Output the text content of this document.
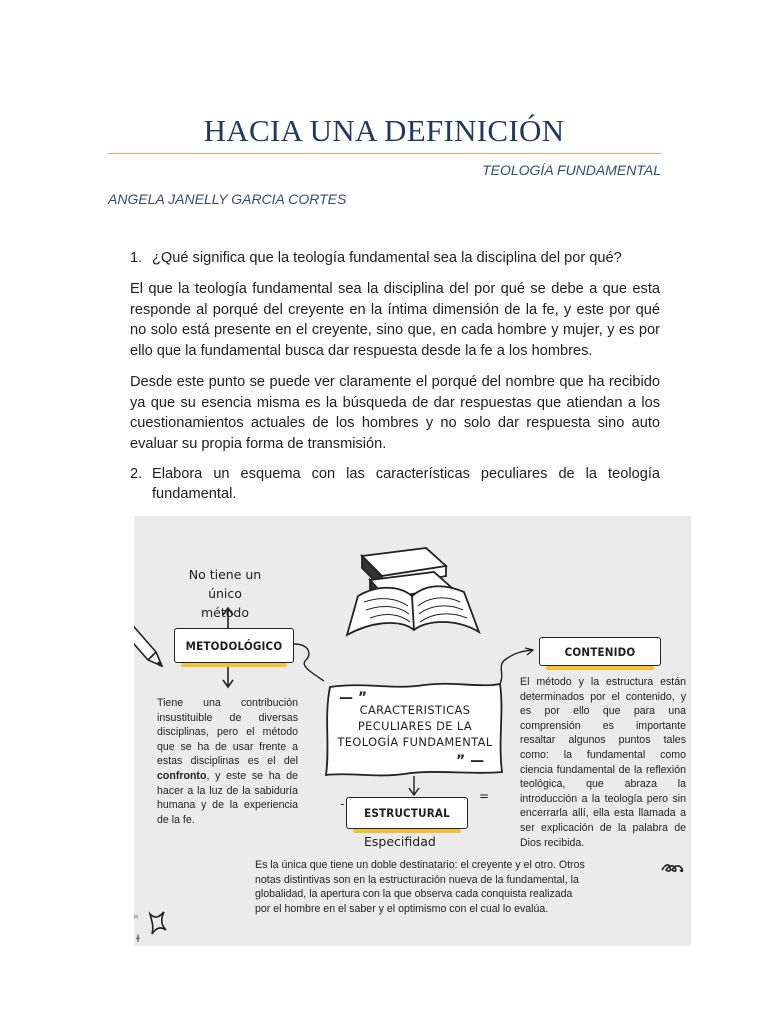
HACIA UNA DEFINICIÓN
TEOLOGÍA FUNDAMENTAL
ANGELA JANELLY GARCIA CORTES
1. ¿Qué significa que la teología fundamental sea la disciplina del por qué?

El que la teología fundamental sea la disciplina del por qué se debe a que esta responde al porqué del creyente en la íntima dimensión de la fe, y este por qué no solo está presente en el creyente, sino que, en cada hombre y mujer, y es por ello que la fundamental busca dar respuesta desde la fe a los hombres.

Desde este punto se puede ver claramente el porqué del nombre que ha recibido ya que su esencia misma es la búsqueda de dar respuestas que atiendan a los cuestionamientos actuales de los hombres y no solo dar respuesta sino auto evaluar su propia forma de transmisión.

2. Elabora un esquema con las características peculiares de la teología fundamental.
— ”
” —
-
=
ⁿ
ɫ
No tiene un único
método
METODOLÓGICO
Tiene una contribución insustituible de diversas disciplinas, pero el método que se ha de usar frente a estas disciplinas es el del confronto, y este se ha de hacer a la luz de la sabiduría humana y de la experiencia de la fe.
CARACTERISTICAS
PECULIARES DE LA
TEOLOGÍA FUNDAMENTAL
CONTENIDO
El método y la estructura están determinados por el contenido, y es por ello que para una comprensión es importante resaltar algunos puntos tales como: la fundamental como ciencia fundamental de la reflexión teológica, que abraza la introducción a la teología pero sin encerrarla allí, ella esta llamada a ser explicación de la palabra de Dios recibida.
ESTRUCTURAL
Especifidad
Es la única que tiene un doble destinatario: el creyente y el otro. Otros notas distintivas son en la estructuración nueva de la fundamental, la globalidad, la apertura con la que observa cada conquista realizada por el hombre en el saber y el optimismo con el cual lo evalúa.
